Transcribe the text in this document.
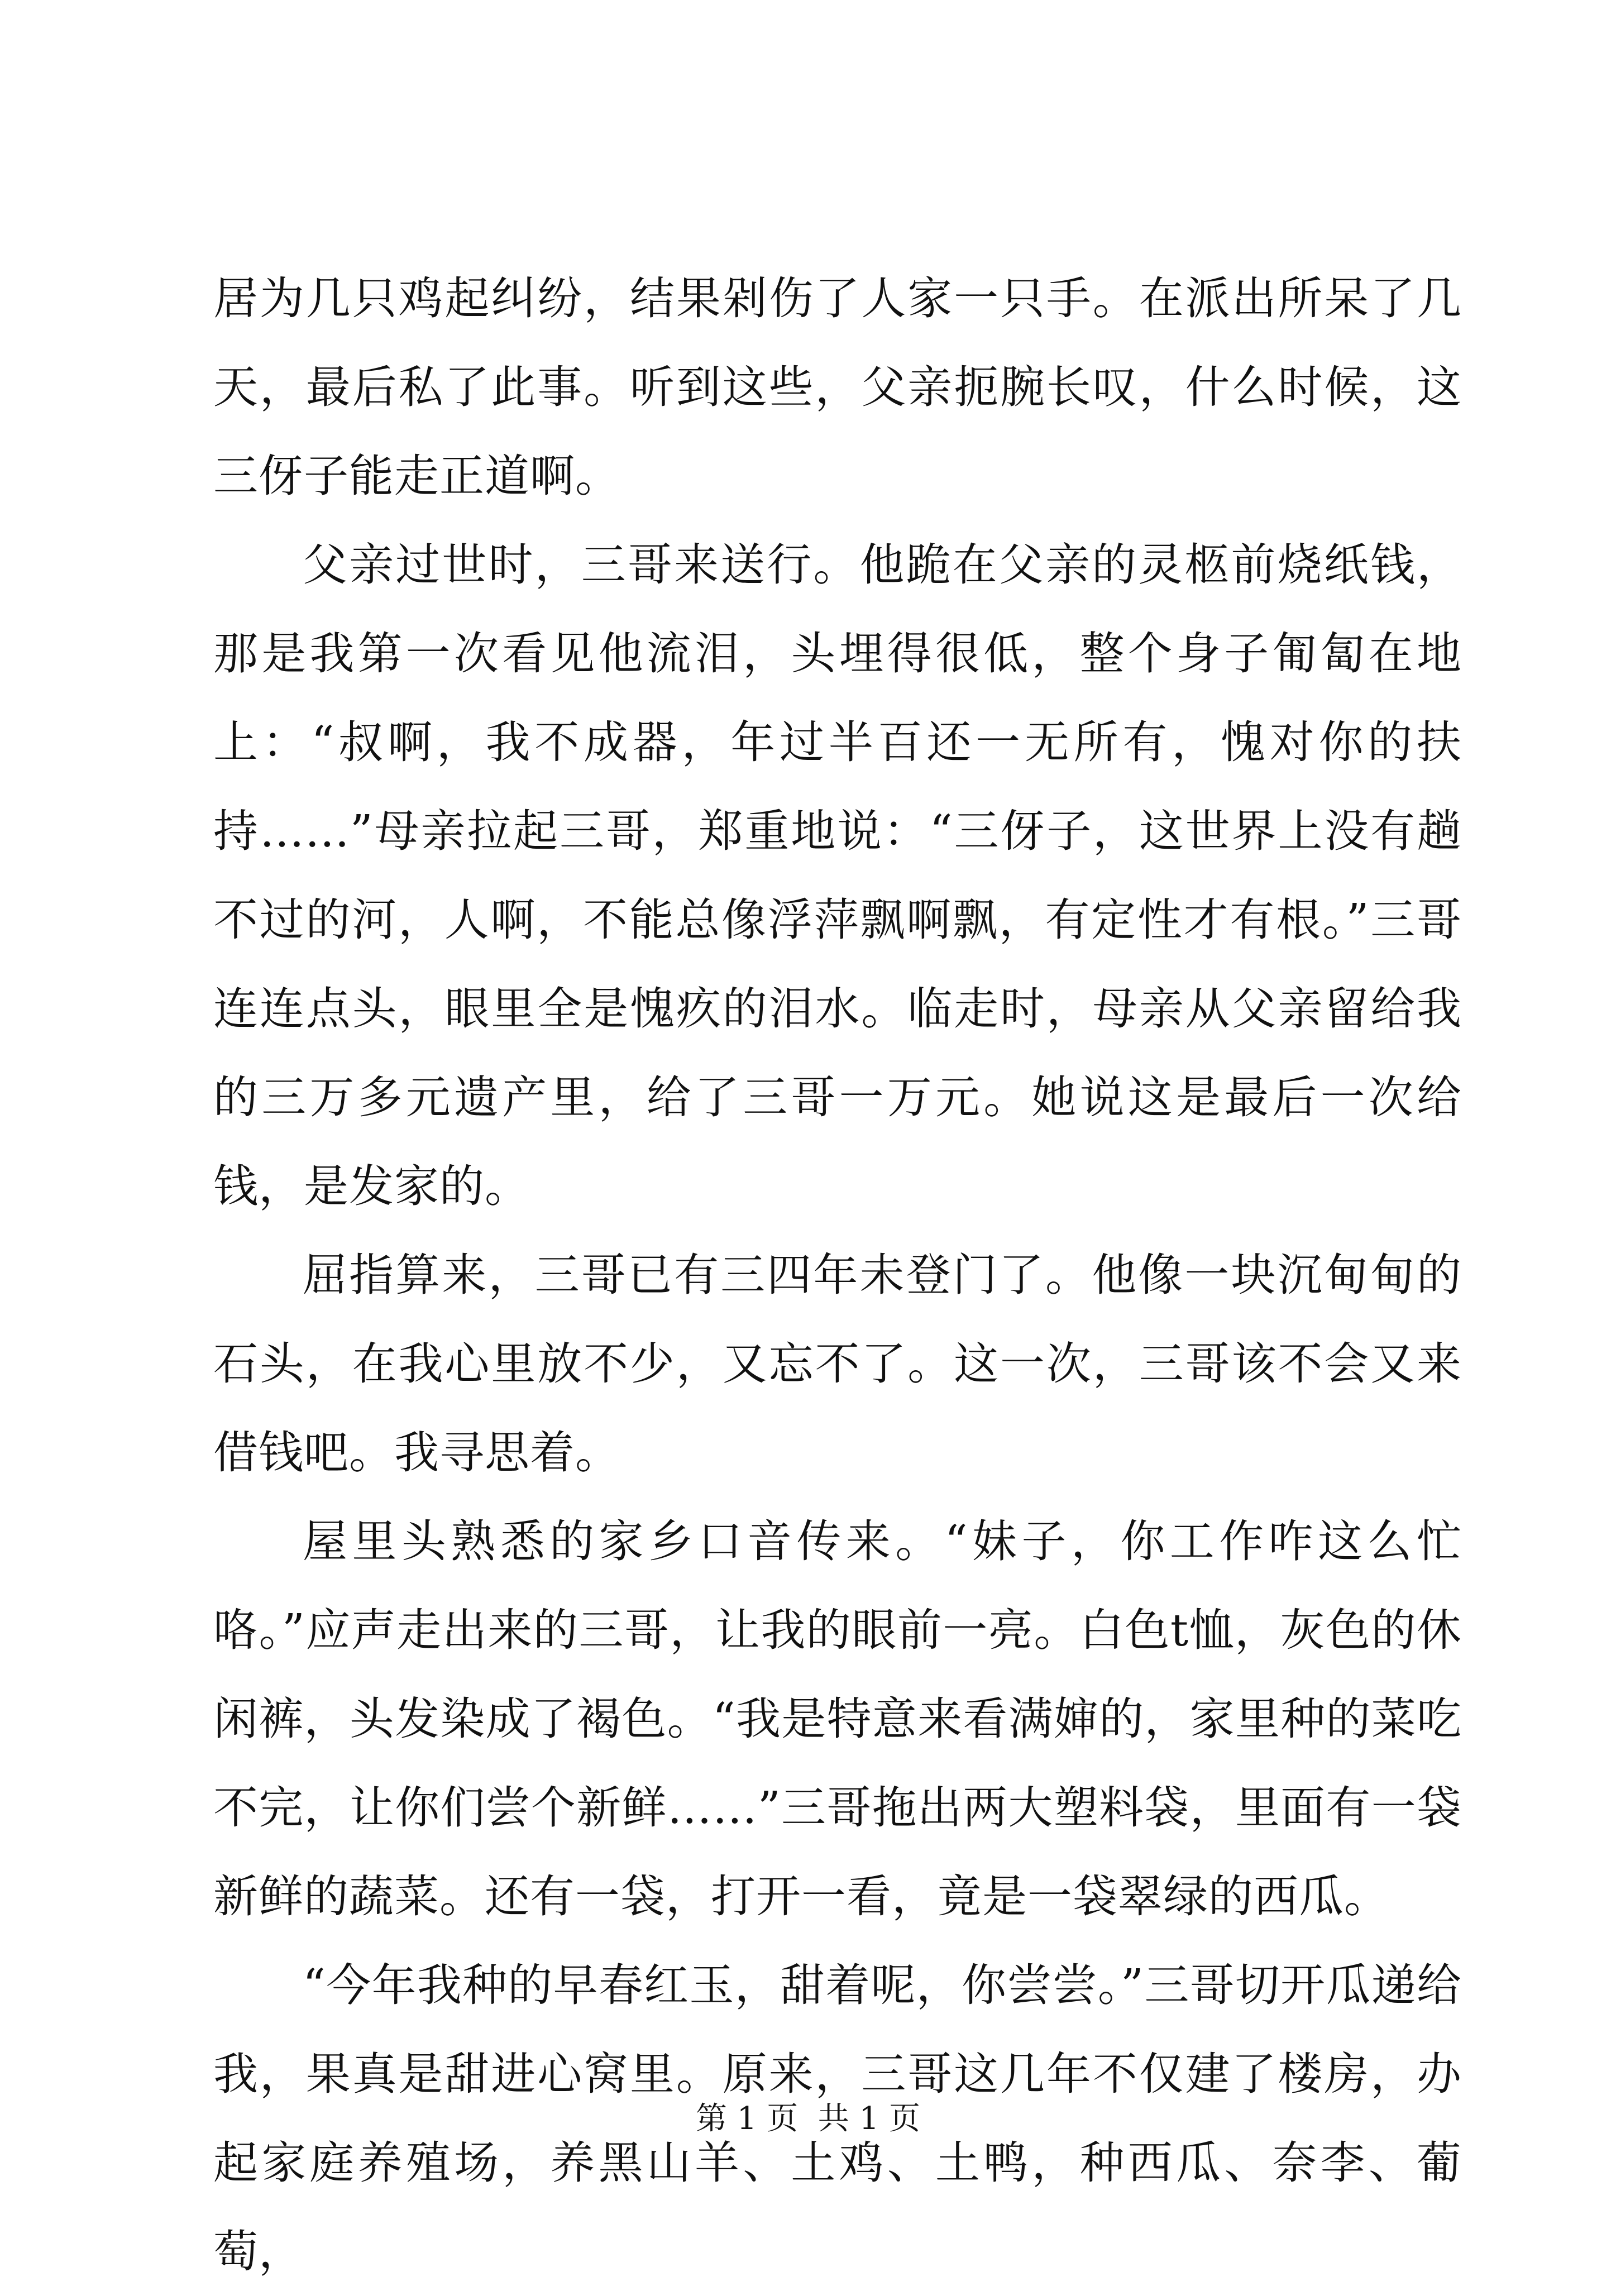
居为几只鸡起纠纷，结果剁伤了人家一只手。在派出所呆了几天，最后私了此事。听到这些，父亲扼腕长叹，什么时候，这三伢子能走正道啊。

父亲过世时，三哥来送行。他跪在父亲的灵柩前烧纸钱，那是我第一次看见他流泪，头埋得很低，整个身子匍匐在地上：“叔啊，我不成器，年过半百还一无所有，愧对你的扶持……”母亲拉起三哥，郑重地说：“三伢子，这世界上没有趟不过的河，人啊，不能总像浮萍飘啊飘，有定性才有根。”三哥连连点头，眼里全是愧疚的泪水。临走时，母亲从父亲留给我的三万多元遗产里，给了三哥一万元。她说这是最后一次给钱，是发家的。

屈指算来，三哥已有三四年未登门了。他像一块沉甸甸的石头，在我心里放不少，又忘不了。这一次，三哥该不会又来借钱吧。我寻思着。

屋里头熟悉的家乡口音传来。“妹子，你工作咋这么忙咯。”应声走出来的三哥，让我的眼前一亮。白色t恤，灰色的休闲裤，头发染成了褐色。“我是特意来看满婶的，家里种的菜吃不完，让你们尝个新鲜……”三哥拖出两大塑料袋，里面有一袋新鲜的蔬菜。还有一袋，打开一看，竟是一袋翠绿的西瓜。

“今年我种的早春红玉，甜着呢，你尝尝。”三哥切开瓜递给我，果真是甜进心窝里。原来，三哥这几年不仅建了楼房，办起家庭养殖场，养黑山羊、土鸡、土鸭，种西瓜、奈李、葡萄，

第 1 页  共 1 页
